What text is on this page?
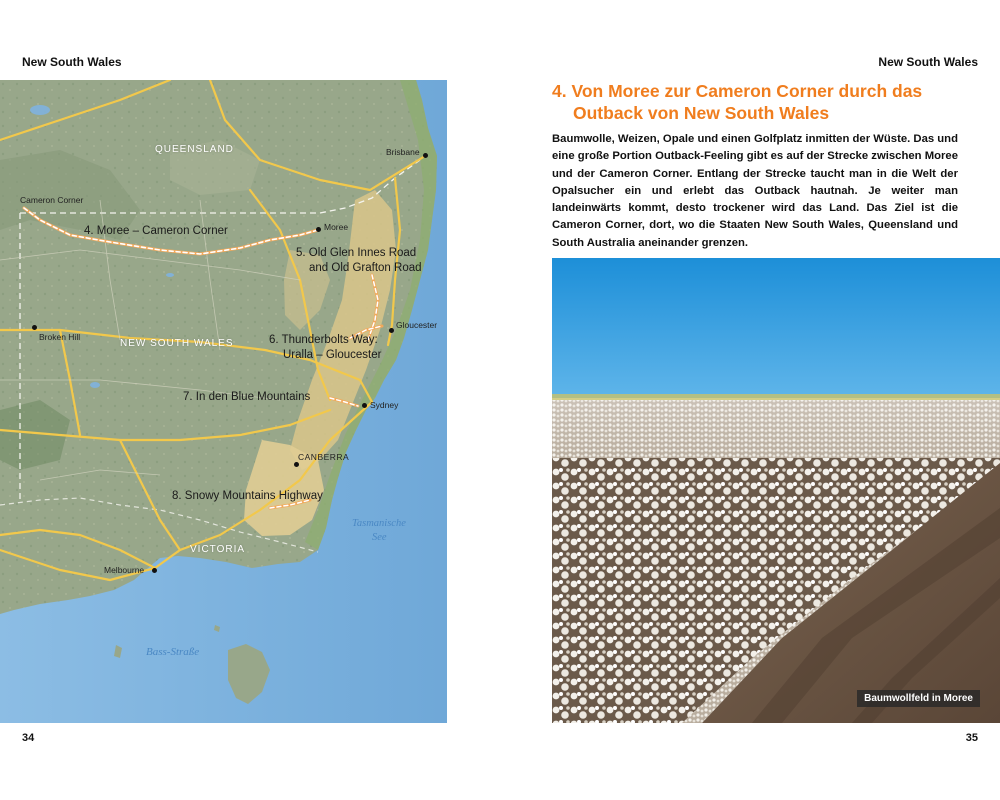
New South Wales	New South Wales
QUEENSLAND
NEW SOUTH WALES
VICTORIA
Brisbane
Cameron Corner
Moree
Broken Hill
Gloucester
Sydney
CANBERRA
Melbourne
4. Moree – Cameron Corner
5. Old Glen Innes Road
and Old Grafton Road
6. Thunderbolts Way:
Uralla – Gloucester
7. In den Blue Mountains
8. Snowy Mountains Highway
Tasmanische
See
Bass-Straße
4. Von Moree zur Cameron Corner durch das
Outback von New South Wales
Baumwolle, Weizen, Opale und einen Golfplatz inmitten der Wüste. Das und eine große Portion Outback-Feeling gibt es auf der Strecke zwischen Moree und der Cameron Corner. Entlang der Strecke taucht man in die Welt der Opalsucher ein und erlebt das Outback hautnah. Je weiter man landeinwärts kommt, desto trockener wird das Land. Das Ziel ist die Cameron Corner, dort, wo die Staaten New South Wales, Queensland und South Australia aneinander grenzen.
Baumwollfeld in Moree
34	35
